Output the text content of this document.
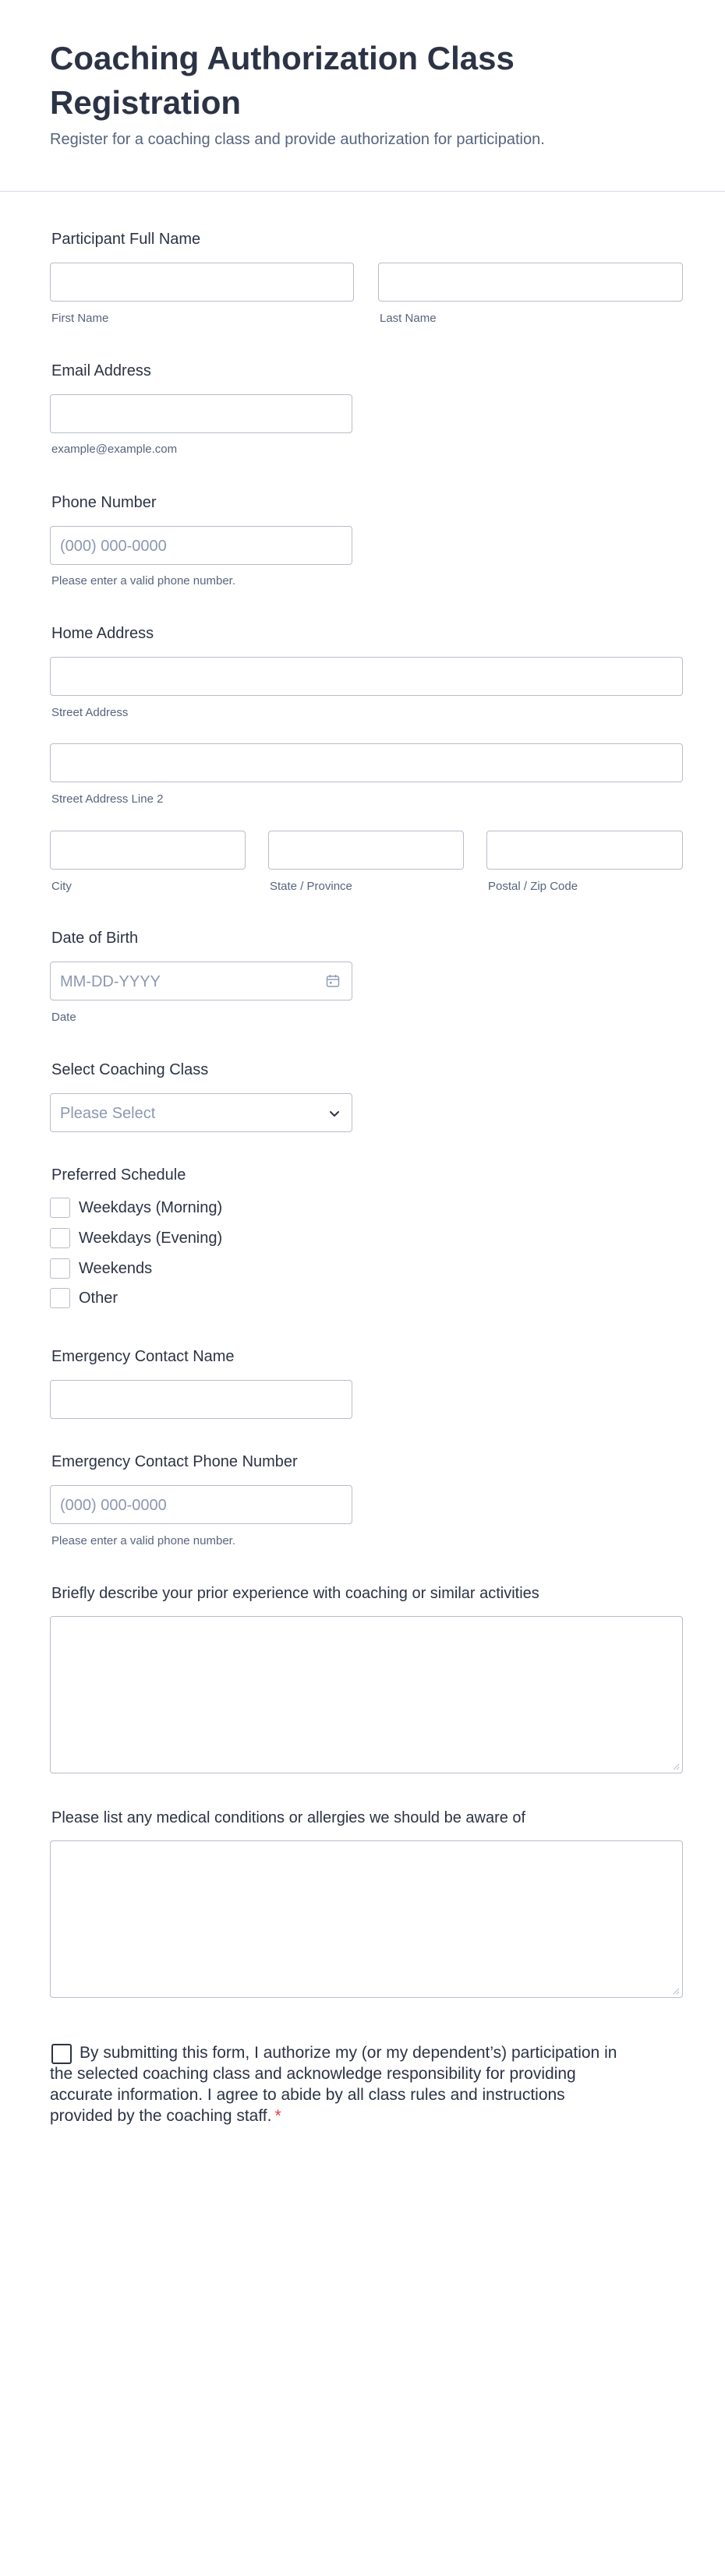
Coaching Authorization Class Registration
Register for a coaching class and provide authorization for participation.
Participant Full Name
First Name	Last Name
Email Address
example@example.com
Phone Number
(000) 000-0000
Please enter a valid phone number.
Home Address
Street Address
Street Address Line 2
City	State / Province	Postal / Zip Code
Date of Birth
MM-DD-YYYY
Date
Select Coaching Class
Please Select
Preferred Schedule
Weekdays (Morning)
Weekdays (Evening)
Weekends
Other
Emergency Contact Name
Emergency Contact Phone Number
(000) 000-0000
Please enter a valid phone number.
Briefly describe your prior experience with coaching or similar activities
Please list any medical conditions or allergies we should be aware of
By submitting this form, I authorize my (or my dependent’s) participation in the selected coaching class and acknowledge responsibility for providing accurate information. I agree to abide by all class rules and instructions provided by the coaching staff. *
